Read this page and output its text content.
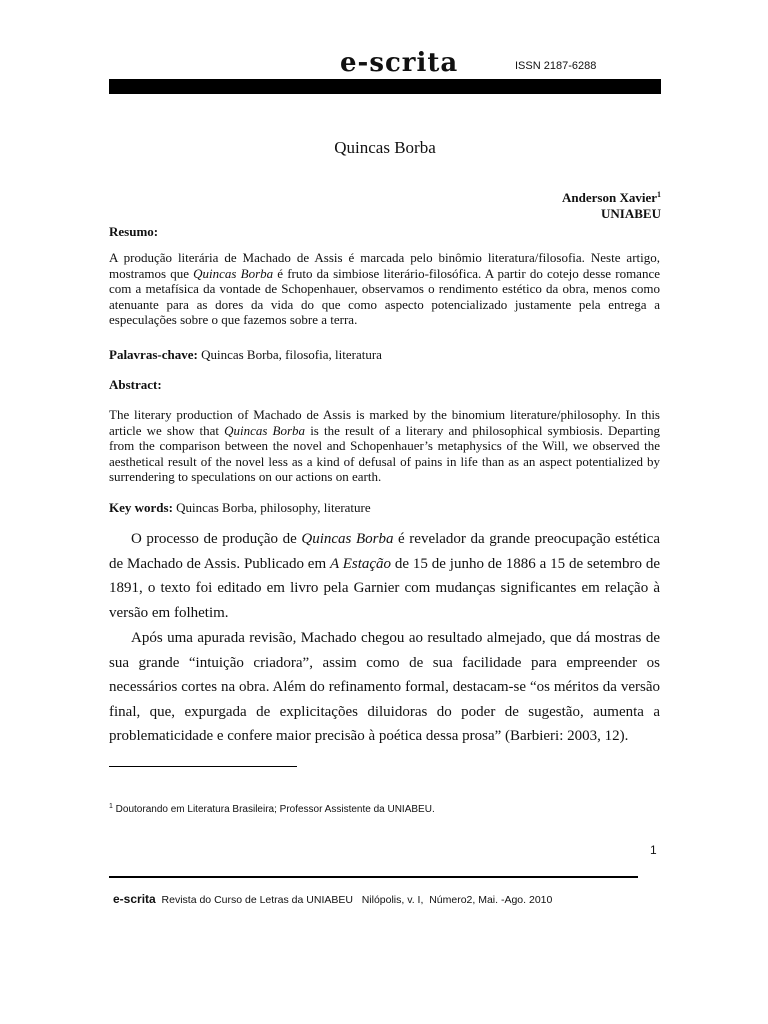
e-scrita	ISSN 2187-6288
Quincas Borba
Anderson Xavier$^1$
UNIABEU
Resumo:
A produção literária de Machado de Assis é marcada pelo binômio literatura/filosofia. Neste artigo, mostramos que Quincas Borba é fruto da simbiose literário-filosófica. A partir do cotejo desse romance com a metafísica da vontade de Schopenhauer, observamos o rendimento estético da obra, menos como atenuante para as dores da vida do que como aspecto potencializado justamente pela entrega a especulações sobre o que fazemos sobre a terra.
Palavras-chave: Quincas Borba, filosofia, literatura
Abstract:
The literary production of Machado de Assis is marked by the binomium literature/philosophy. In this article we show that Quincas Borba is the result of a literary and philosophical symbiosis. Departing from the comparison between the novel and Schopenhauer’s metaphysics of the Will, we observed the aesthetical result of the novel less as a kind of defusal of pains in life than as an aspect potentialized by surrendering to speculations on our actions on earth.
Key words: Quincas Borba, philosophy, literature
O processo de produção de Quincas Borba é revelador da grande preocupação estética de Machado de Assis. Publicado em A Estação de 15 de junho de 1886 a 15 de setembro de 1891, o texto foi editado em livro pela Garnier com mudanças significantes em relação à versão em folhetim.
Após uma apurada revisão, Machado chegou ao resultado almejado, que dá mostras de sua grande “intuição criadora”, assim como de sua facilidade para empreender os necessários cortes na obra. Além do refinamento formal, destacam-se “os méritos da versão final, que, expurgada de explicitações diluidoras do poder de sugestão, aumenta a problematicidade e confere maior precisão à poética dessa prosa” (Barbieri: 2003, 12).
$^1$ Doutorando em Literatura Brasileira; Professor Assistente da UNIABEU.
1
e-scrita  Revista do Curso de Letras da UNIABEU   Nilópolis, v. I,  Número2, Mai. -Ago. 2010
